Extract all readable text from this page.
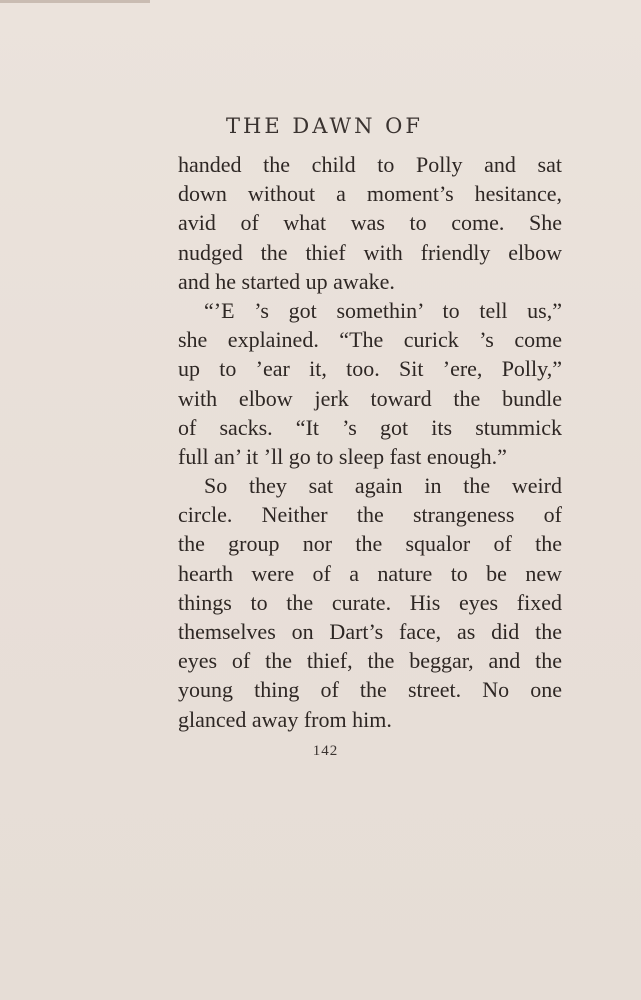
THE DAWN OF
handed the child to Polly and sat
down without a moment’s hesitance,
avid of what was to come. She
nudged the thief with friendly elbow
and he started up awake.
“’E ’s got somethin’ to tell us,”
she explained. “The curick ’s come
up to ’ear it, too. Sit ’ere, Polly,”
with elbow jerk toward the bundle
of sacks. “It ’s got its stummick
full an’ it ’ll go to sleep fast enough.”
So they sat again in the weird
circle. Neither the strangeness of
the group nor the squalor of the
hearth were of a nature to be new
things to the curate. His eyes fixed
themselves on Dart’s face, as did the
eyes of the thief, the beggar, and the
young thing of the street. No one
glanced away from him.
142
